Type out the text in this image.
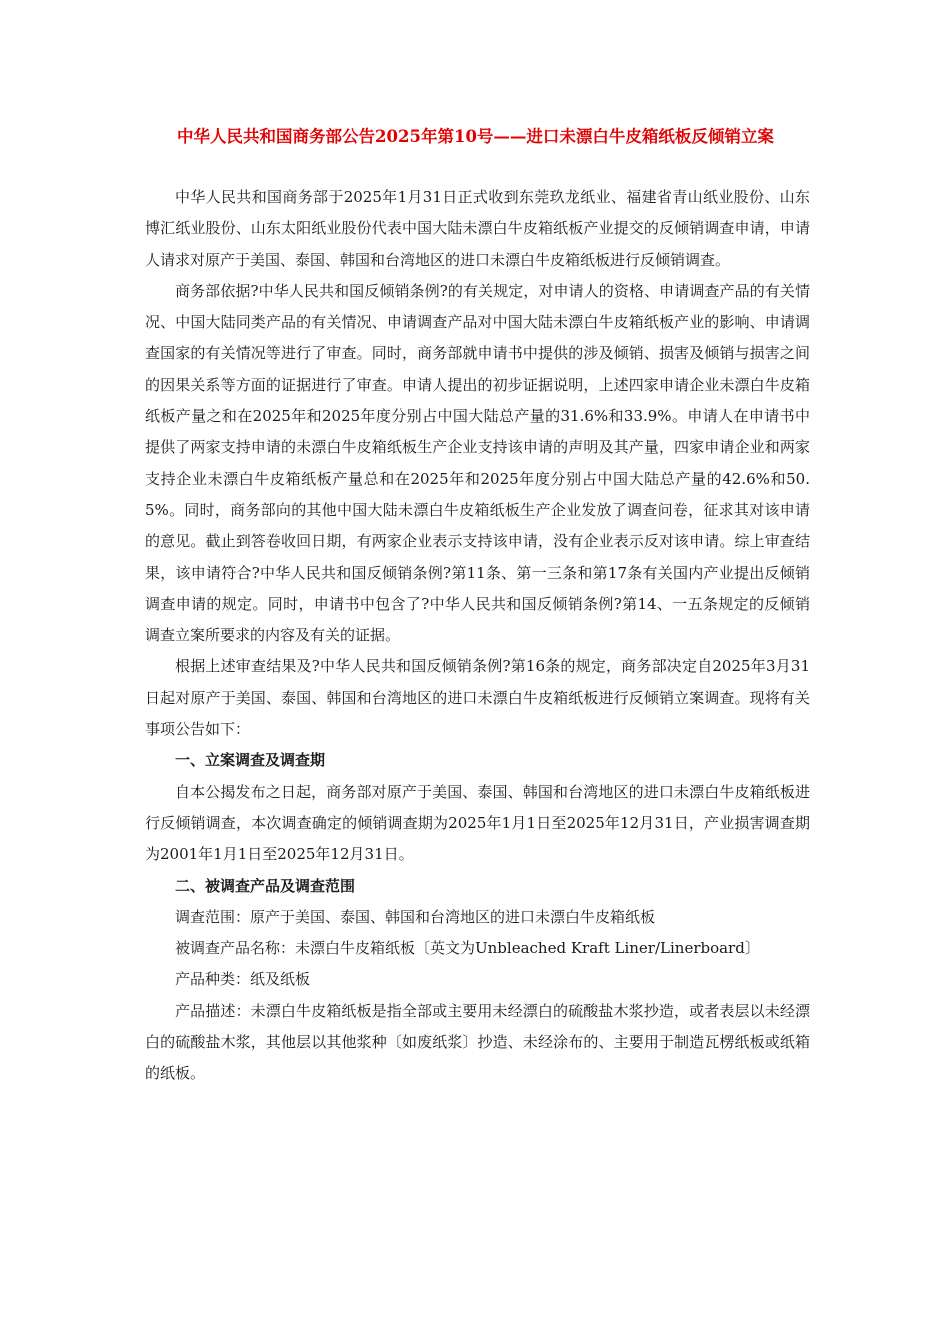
中华人民共和国商务部公告2025年第10号——进口未漂白牛皮箱纸板反倾销立案

中华人民共和国商务部于2025年1月31日正式收到东莞玖龙纸业、福建省青山纸业股份、山东博汇纸业股份、山东太阳纸业股份代表中国大陆未漂白牛皮箱纸板产业提交的反倾销调查申请，申请人请求对原产于美国、泰国、韩国和台湾地区的进口未漂白牛皮箱纸板进行反倾销调查。

商务部依据?中华人民共和国反倾销条例?的有关规定，对申请人的资格、申请调查产品的有关情况、中国大陆同类产品的有关情况、申请调查产品对中国大陆未漂白牛皮箱纸板产业的影响、申请调查国家的有关情况等进行了审查。同时，商务部就申请书中提供的涉及倾销、损害及倾销与损害之间的因果关系等方面的证据进行了审查。申请人提出的初步证据说明，上述四家申请企业未漂白牛皮箱纸板产量之和在2025年和2025年度分别占中国大陆总产量的31.6%和33.9%。申请人在申请书中提供了两家支持申请的未漂白牛皮箱纸板生产企业支持该申请的声明及其产量，四家申请企业和两家支持企业未漂白牛皮箱纸板产量总和在2025年和2025年度分别占中国大陆总产量的42.6%和50.5%。同时，商务部向的其他中国大陆未漂白牛皮箱纸板生产企业发放了调查问卷，征求其对该申请的意见。截止到答卷收回日期，有两家企业表示支持该申请，没有企业表示反对该申请。综上审查结果，该申请符合?中华人民共和国反倾销条例?第11条、第一三条和第17条有关国内产业提出反倾销调查申请的规定。同时，申请书中包含了?中华人民共和国反倾销条例?第14、一五条规定的反倾销调查立案所要求的内容及有关的证据。

根据上述审查结果及?中华人民共和国反倾销条例?第16条的规定，商务部决定自2025年3月31日起对原产于美国、泰国、韩国和台湾地区的进口未漂白牛皮箱纸板进行反倾销立案调查。现将有关事项公告如下：

一、立案调查及调查期

自本公揭发布之日起，商务部对原产于美国、泰国、韩国和台湾地区的进口未漂白牛皮箱纸板进行反倾销调查，本次调查确定的倾销调查期为2025年1月1日至2025年12月31日，产业损害调查期为2001年1月1日至2025年12月31日。

二、被调查产品及调查范围

调查范围：原产于美国、泰国、韩国和台湾地区的进口未漂白牛皮箱纸板

被调查产品名称：未漂白牛皮箱纸板〔英文为Unbleached Kraft Liner/Linerboard〕

产品种类：纸及纸板

产品描述：未漂白牛皮箱纸板是指全部或主要用未经漂白的硫酸盐木浆抄造，或者表层以未经漂白的硫酸盐木浆，其他层以其他浆种〔如废纸浆〕抄造、未经涂布的、主要用于制造瓦楞纸板或纸箱的纸板。
